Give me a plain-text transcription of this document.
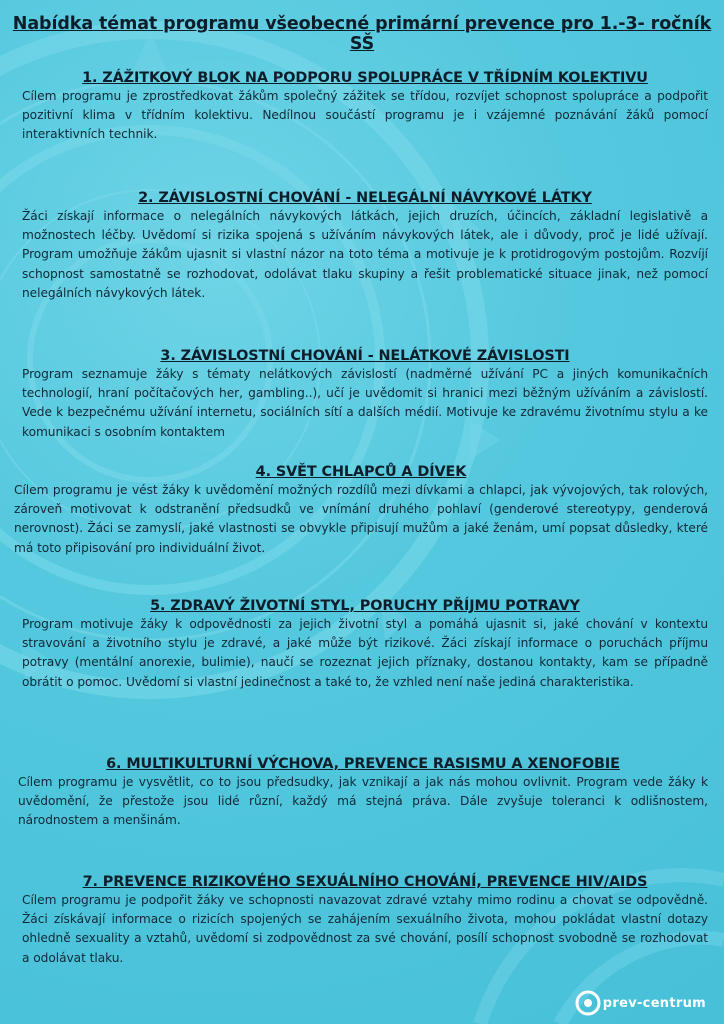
Nabídka témat programu všeobecné primární prevence pro 1.-3- ročník SŠ
1. ZÁŽITKOVÝ BLOK NA PODPORU SPOLUPRÁCE V TŘÍDNÍM KOLEKTIVU

Cílem programu je zprostředkovat žákům společný zážitek se třídou, rozvíjet schopnost spolupráce a podpořit pozitivní klima v třídním kolektivu. Nedílnou součástí programu je i vzájemné poznávání žáků pomocí interaktivních technik.

2. ZÁVISLOSTNÍ CHOVÁNÍ - NELEGÁLNÍ NÁVYKOVÉ LÁTKY

Žáci získají informace o nelegálních návykových látkách, jejich druzích, účincích, základní legislativě a možnostech léčby. Uvědomí si rizika spojená s užíváním návykových látek, ale i důvody, proč je lidé užívají. Program umožňuje žákům ujasnit si vlastní názor na toto téma a motivuje je k protidrogovým postojům. Rozvíjí schopnost samostatně se rozhodovat, odolávat tlaku skupiny a řešit problematické situace jinak, než pomocí nelegálních návykových látek.

3. ZÁVISLOSTNÍ CHOVÁNÍ - NELÁTKOVÉ ZÁVISLOSTI

Program seznamuje žáky s tématy nelátkových závislostí (nadměrné užívání PC a jiných komunikačních technologií, hraní počítačových her, gambling..), učí je uvědomit si hranici mezi běžným užíváním a závislostí. Vede k bezpečnému užívání internetu, sociálních sítí a dalších médií. Motivuje ke zdravému životnímu stylu a ke komunikaci s osobním kontaktem

4. SVĚT CHLAPCŮ A DÍVEK

Cílem programu je vést žáky k uvědomění možných rozdílů mezi dívkami a chlapci, jak vývojových, tak rolových, zároveň motivovat k odstranění předsudků ve vnímání druhého pohlaví (genderové stereotypy, genderová nerovnost). Žáci se zamyslí, jaké vlastnosti se obvykle připisují mužům a jaké ženám, umí popsat důsledky, které má toto připisování pro individuální život.

5. ZDRAVÝ ŽIVOTNÍ STYL, PORUCHY PŘÍJMU POTRAVY

Program motivuje žáky k odpovědnosti za jejich životní styl a pomáhá ujasnit si, jaké chování v kontextu stravování a životního stylu je zdravé, a jaké může být rizikové. Žáci získají informace o poruchách příjmu potravy (mentální anorexie, bulimie), naučí se rozeznat jejich příznaky, dostanou kontakty, kam se případně obrátit o pomoc. Uvědomí si vlastní jedinečnost a také to, že vzhled není naše jediná charakteristika.

6. MULTIKULTURNÍ VÝCHOVA, PREVENCE RASISMU A XENOFOBIE

Cílem programu je vysvětlit, co to jsou předsudky, jak vznikají a jak nás mohou ovlivnit. Program vede žáky k uvědomění, že přestože jsou lidé různí, každý má stejná práva. Dále zvyšuje toleranci k odlišnostem, národnostem a menšinám.

7. PREVENCE RIZIKOVÉHO SEXUÁLNÍHO CHOVÁNÍ, PREVENCE HIV/AIDS

Cílem programu je podpořit žáky ve schopnosti navazovat zdravé vztahy mimo rodinu a chovat se odpovědně. Žáci získávají informace o rizicích spojených se zahájením sexuálního života, mohou pokládat vlastní dotazy ohledně sexuality a vztahů, uvědomí si zodpovědnost za své chování, posílí schopnost svobodně se rozhodovat a odolávat tlaku.

prev-centrum
